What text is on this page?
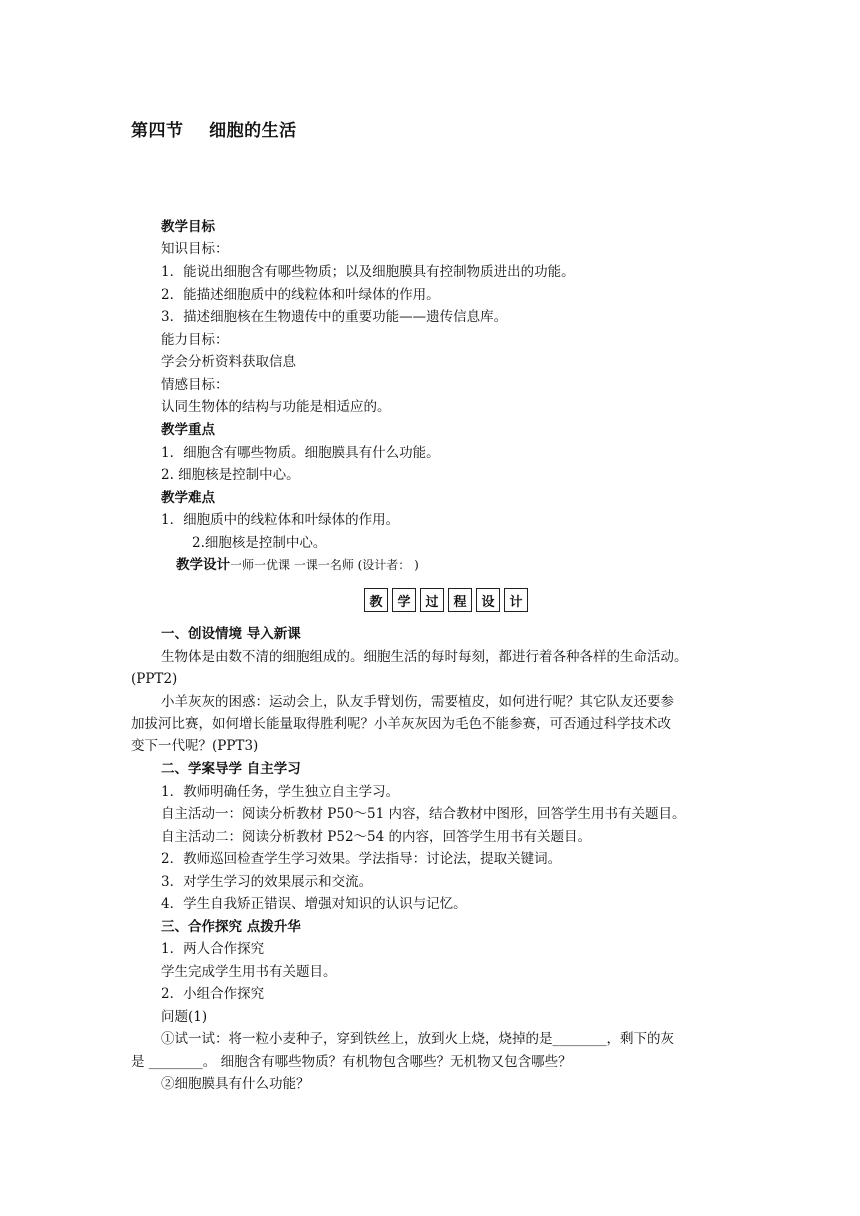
第四节    细胞的生活
教学目标
知识目标：
1．能说出细胞含有哪些物质；以及细胞膜具有控制物质进出的功能。
2．能描述细胞质中的线粒体和叶绿体的作用。
3．描述细胞核在生物遗传中的重要功能——遗传信息库。
能力目标：
学会分析资料获取信息
情感目标：
认同生物体的结构与功能是相适应的。
教学重点
1．细胞含有哪些物质。细胞膜具有什么功能。
2. 细胞核是控制中心。
教学难点
1．细胞质中的线粒体和叶绿体的作用。
2.细胞核是控制中心。
教学设计一师一优课 一课一名师 (设计者： )
教	学	过	程	设	计
一、创设情境 导入新课
生物体是由数不清的细胞组成的。细胞生活的每时每刻，都进行着各种各样的生命活动。
(PPT2)
小羊灰灰的困惑：运动会上，队友手臂划伤，需要植皮，如何进行呢？其它队友还要参
加拔河比赛，如何增长能量取得胜利呢？小羊灰灰因为毛色不能参赛，可否通过科学技术改
变下一代呢？(PPT3)
二、学案导学 自主学习
1．教师明确任务，学生独立自主学习。
自主活动一：阅读分析教材 P50～51 内容，结合教材中图形，回答学生用书有关题目。
自主活动二：阅读分析教材 P52～54 的内容，回答学生用书有关题目。
2．教师巡回检查学生学习效果。学法指导：讨论法，提取关键词。
3．对学生学习的效果展示和交流。
4．学生自我矫正错误、增强对知识的认识与记忆。
三、合作探究 点拨升华
1．两人合作探究
学生完成学生用书有关题目。
2．小组合作探究
问题(1)
①试一试：将一粒小麦种子，穿到铁丝上，放到火上烧，烧掉的是________，剩下的灰
是 ________。 细胞含有哪些物质？有机物包含哪些？无机物又包含哪些？
②细胞膜具有什么功能？
